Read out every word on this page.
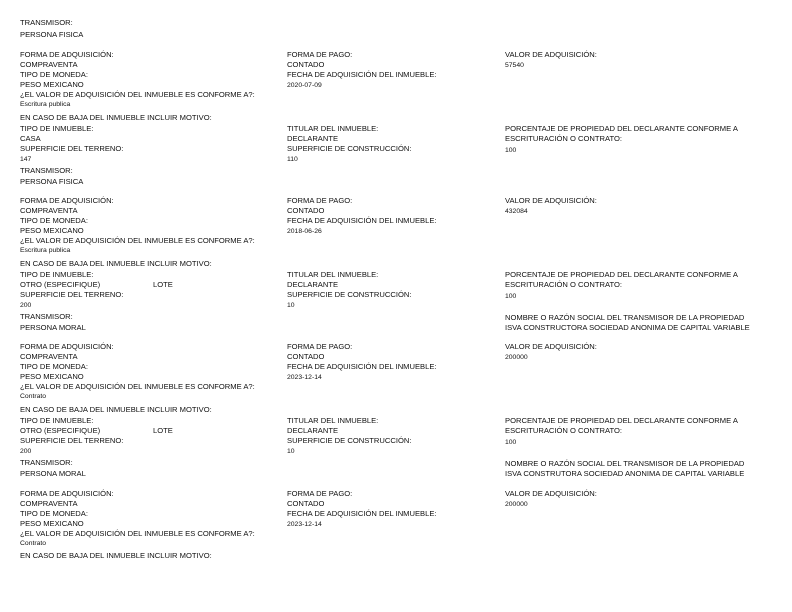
TRANSMISOR:
PERSONA FISICA
FORMA DE ADQUISICIÓN:
COMPRAVENTA
TIPO DE MONEDA:
PESO MEXICANO
¿EL VALOR DE ADQUISICIÓN DEL INMUEBLE ES CONFORME A?:
Escritura publica
EN CASO DE BAJA DEL INMUEBLE INCLUIR MOTIVO:
FORMA DE PAGO:
CONTADO
FECHA DE ADQUISICIÓN DEL INMUEBLE:
2020-07-09
VALOR DE ADQUISICIÓN:
57540
TIPO DE INMUEBLE:
CASA
SUPERFICIE DEL TERRENO:
147
TRANSMISOR:
PERSONA FISICA
TITULAR DEL INMUEBLE:
DECLARANTE
SUPERFICIE DE CONSTRUCCIÓN:
110
PORCENTAJE DE PROPIEDAD DEL DECLARANTE CONFORME A
ESCRITURACIÓN O CONTRATO:
100
FORMA DE ADQUISICIÓN:
COMPRAVENTA
TIPO DE MONEDA:
PESO MEXICANO
¿EL VALOR DE ADQUISICIÓN DEL INMUEBLE ES CONFORME A?:
Escritura publica
EN CASO DE BAJA DEL INMUEBLE INCLUIR MOTIVO:
FORMA DE PAGO:
CONTADO
FECHA DE ADQUISICIÓN DEL INMUEBLE:
2018-06-26
VALOR DE ADQUISICIÓN:
432084
TIPO DE INMUEBLE:
OTRO (ESPECIFIQUE)	LOTE
SUPERFICIE DEL TERRENO:
200
TRANSMISOR:
PERSONA MORAL
TITULAR DEL INMUEBLE:
DECLARANTE
SUPERFICIE DE CONSTRUCCIÓN:
10
PORCENTAJE DE PROPIEDAD DEL DECLARANTE CONFORME A
ESCRITURACIÓN O CONTRATO:
100
NOMBRE O RAZÓN SOCIAL DEL TRANSMISOR DE LA PROPIEDAD
ISVA CONSTRUCTORA SOCIEDAD ANONIMA DE CAPITAL VARIABLE
FORMA DE ADQUISICIÓN:
COMPRAVENTA
TIPO DE MONEDA:
PESO MEXICANO
¿EL VALOR DE ADQUISICIÓN DEL INMUEBLE ES CONFORME A?:
Contrato
EN CASO DE BAJA DEL INMUEBLE INCLUIR MOTIVO:
FORMA DE PAGO:
CONTADO
FECHA DE ADQUISICIÓN DEL INMUEBLE:
2023-12-14
VALOR DE ADQUISICIÓN:
200000
TIPO DE INMUEBLE:
OTRO (ESPECIFIQUE)	LOTE
SUPERFICIE DEL TERRENO:
200
TRANSMISOR:
PERSONA MORAL
TITULAR DEL INMUEBLE:
DECLARANTE
SUPERFICIE DE CONSTRUCCIÓN:
10
PORCENTAJE DE PROPIEDAD DEL DECLARANTE CONFORME A
ESCRITURACIÓN O CONTRATO:
100
NOMBRE O RAZÓN SOCIAL DEL TRANSMISOR DE LA PROPIEDAD
ISVA CONSTRUTORA SOCIEDAD ANONIMA DE CAPITAL VARIABLE
FORMA DE ADQUISICIÓN:
COMPRAVENTA
TIPO DE MONEDA:
PESO MEXICANO
¿EL VALOR DE ADQUISICIÓN DEL INMUEBLE ES CONFORME A?:
Contrato
EN CASO DE BAJA DEL INMUEBLE INCLUIR MOTIVO:
FORMA DE PAGO:
CONTADO
FECHA DE ADQUISICIÓN DEL INMUEBLE:
2023-12-14
VALOR DE ADQUISICIÓN:
200000
